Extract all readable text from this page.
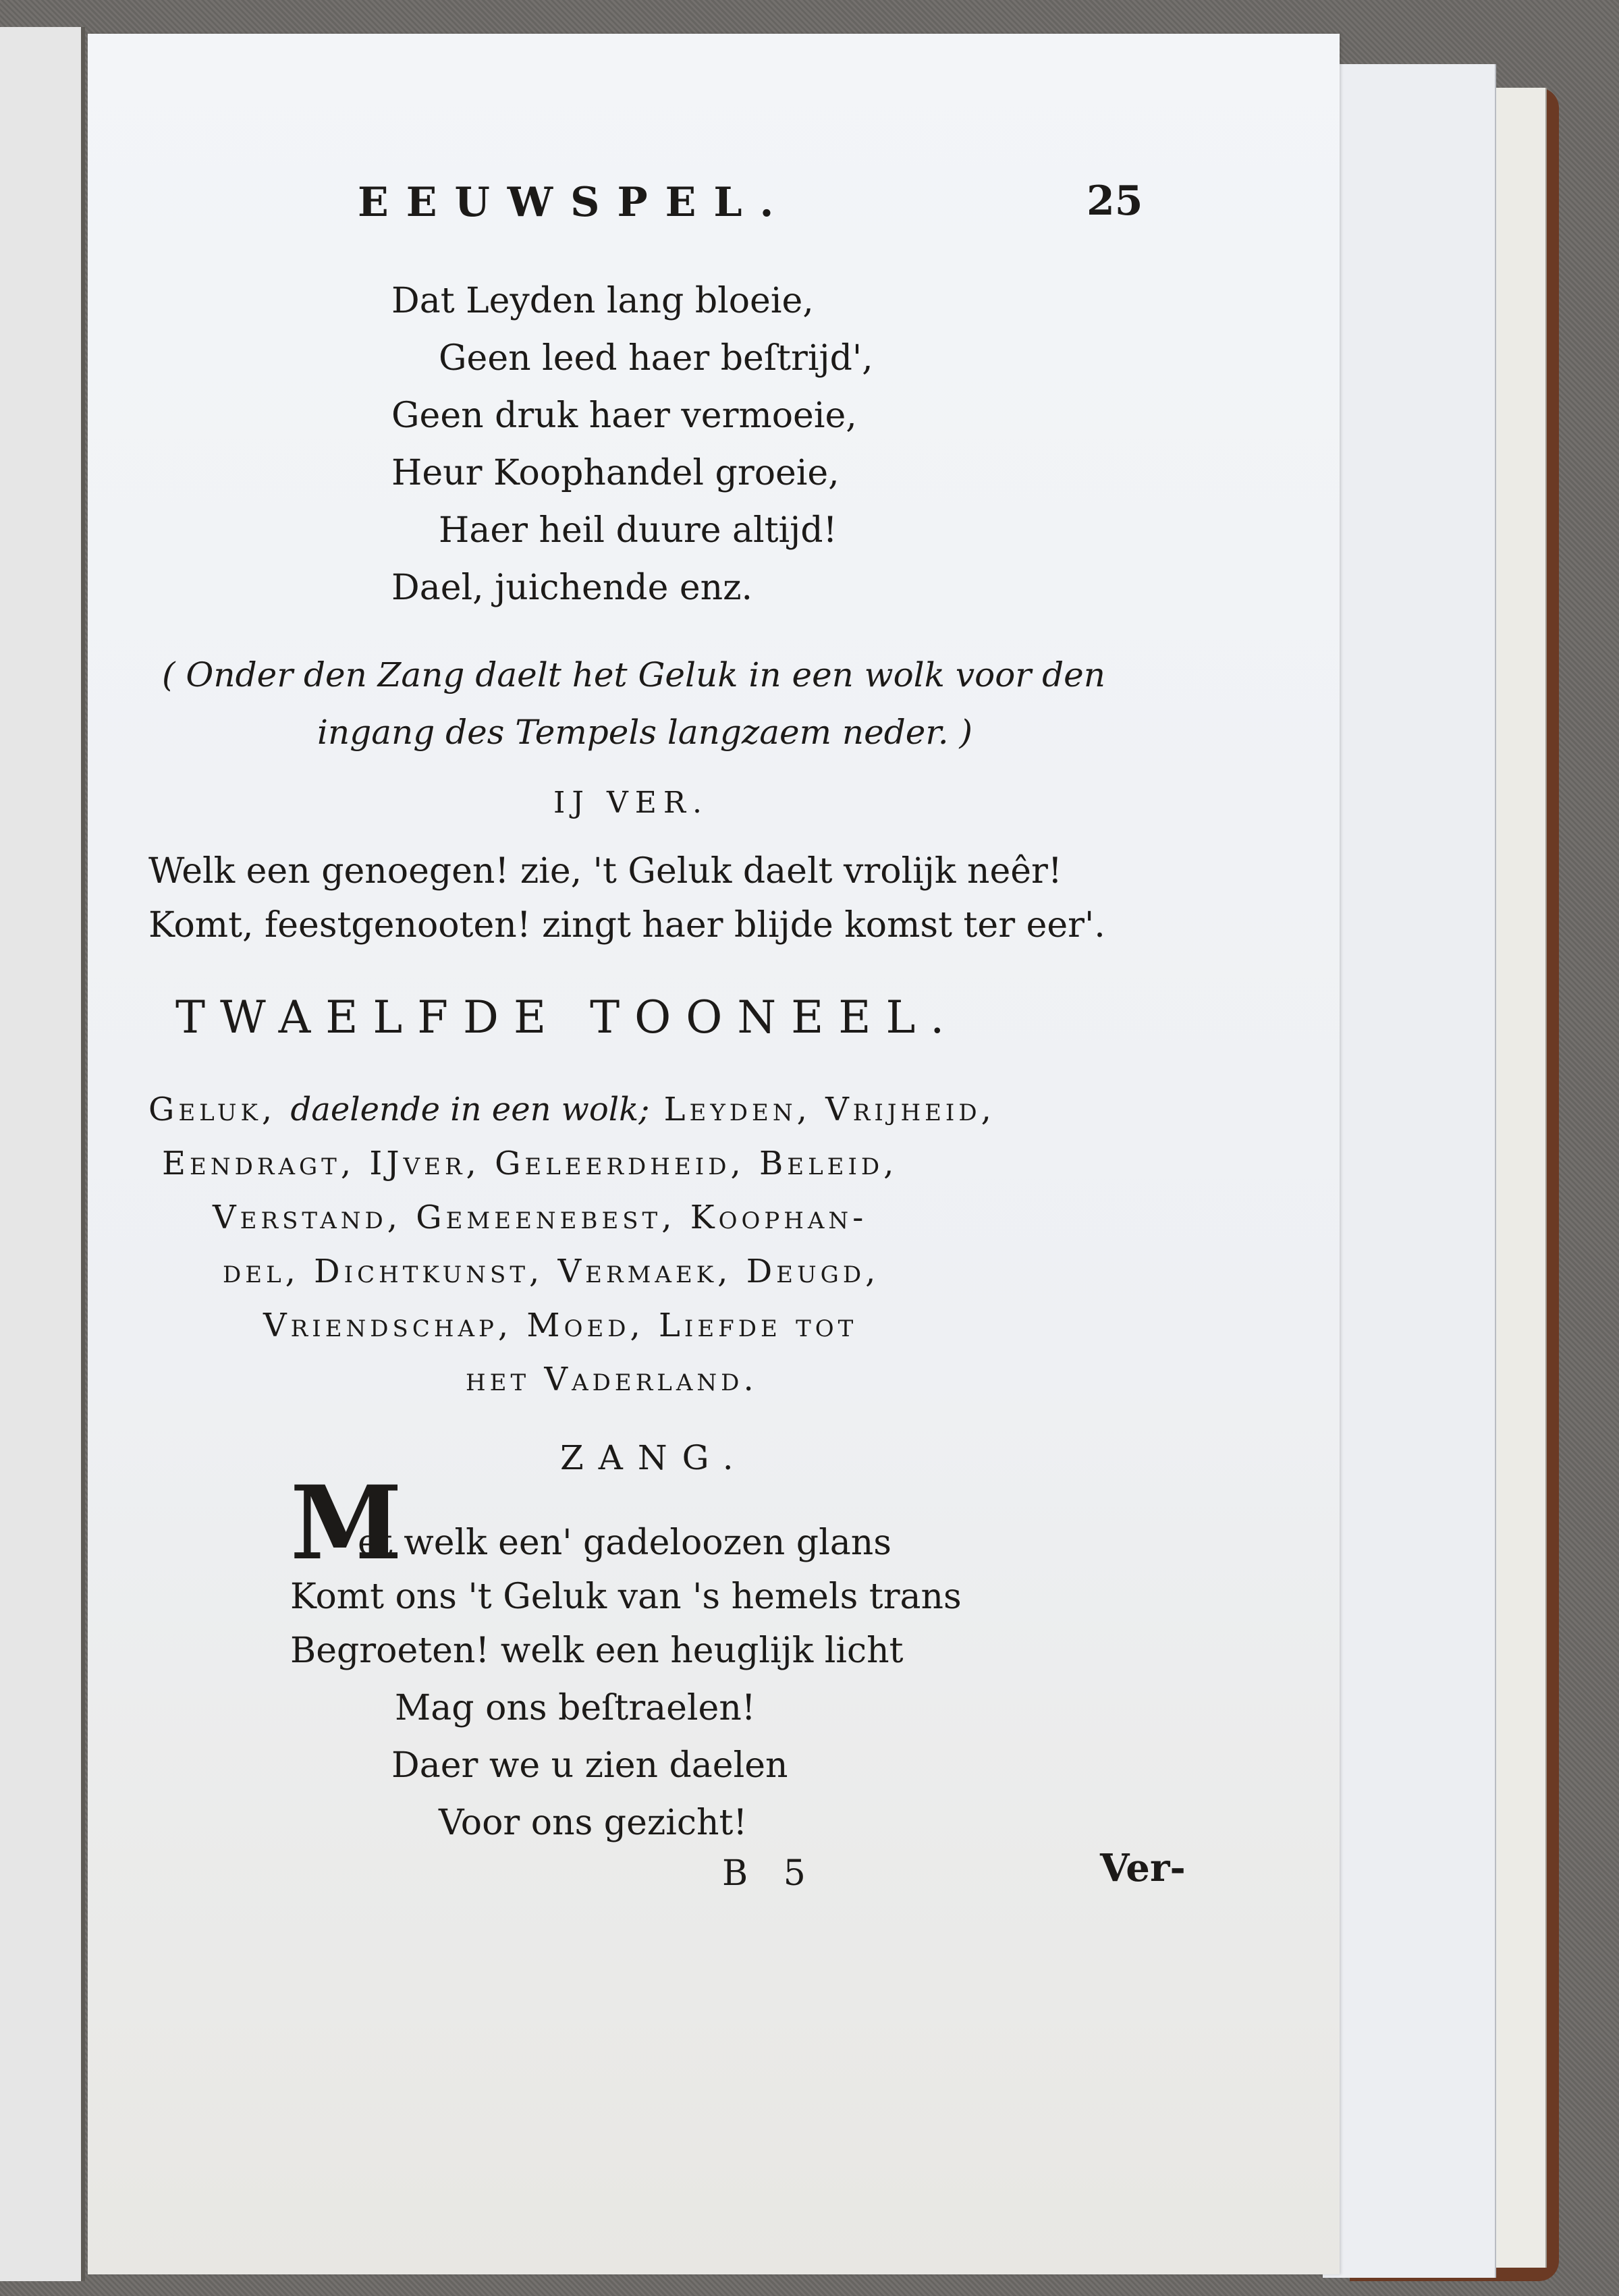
EEUWSPEL.	25
Dat Leyden lang bloeie,
Geen leed haer beſtrijd',
Geen druk haer vermoeie,
Heur Koophandel groeie,
Haer heil duure altijd!
Dael, juichende enz.
( Onder den Zang daelt het Geluk in een wolk voor den
ingang des Tempels langzaem neder. )
IJ VER.
Welk een genoegen! zie, 't Geluk daelt vrolijk neêr!
Komt, feestgenooten! zingt haer blijde komst ter eer'.
TWAELFDE TOONEEL.
Geluk, daelende in een wolk; Leyden, Vrijheid,
Eendragt, IJver, Geleerdheid, Beleid,
Verstand, Gemeenebest, Koophan-
del, Dichtkunst, Vermaek, Deugd,
Vriendschap, Moed, Liefde tot
het Vaderland.
ZANG.
M
et welk een' gadeloozen glans
Komt ons 't Geluk van 's hemels trans
Begroeten! welk een heuglijk licht
Mag ons beſtraelen!
Daer we u zien daelen
Voor ons gezicht!
B 5	Ver-
